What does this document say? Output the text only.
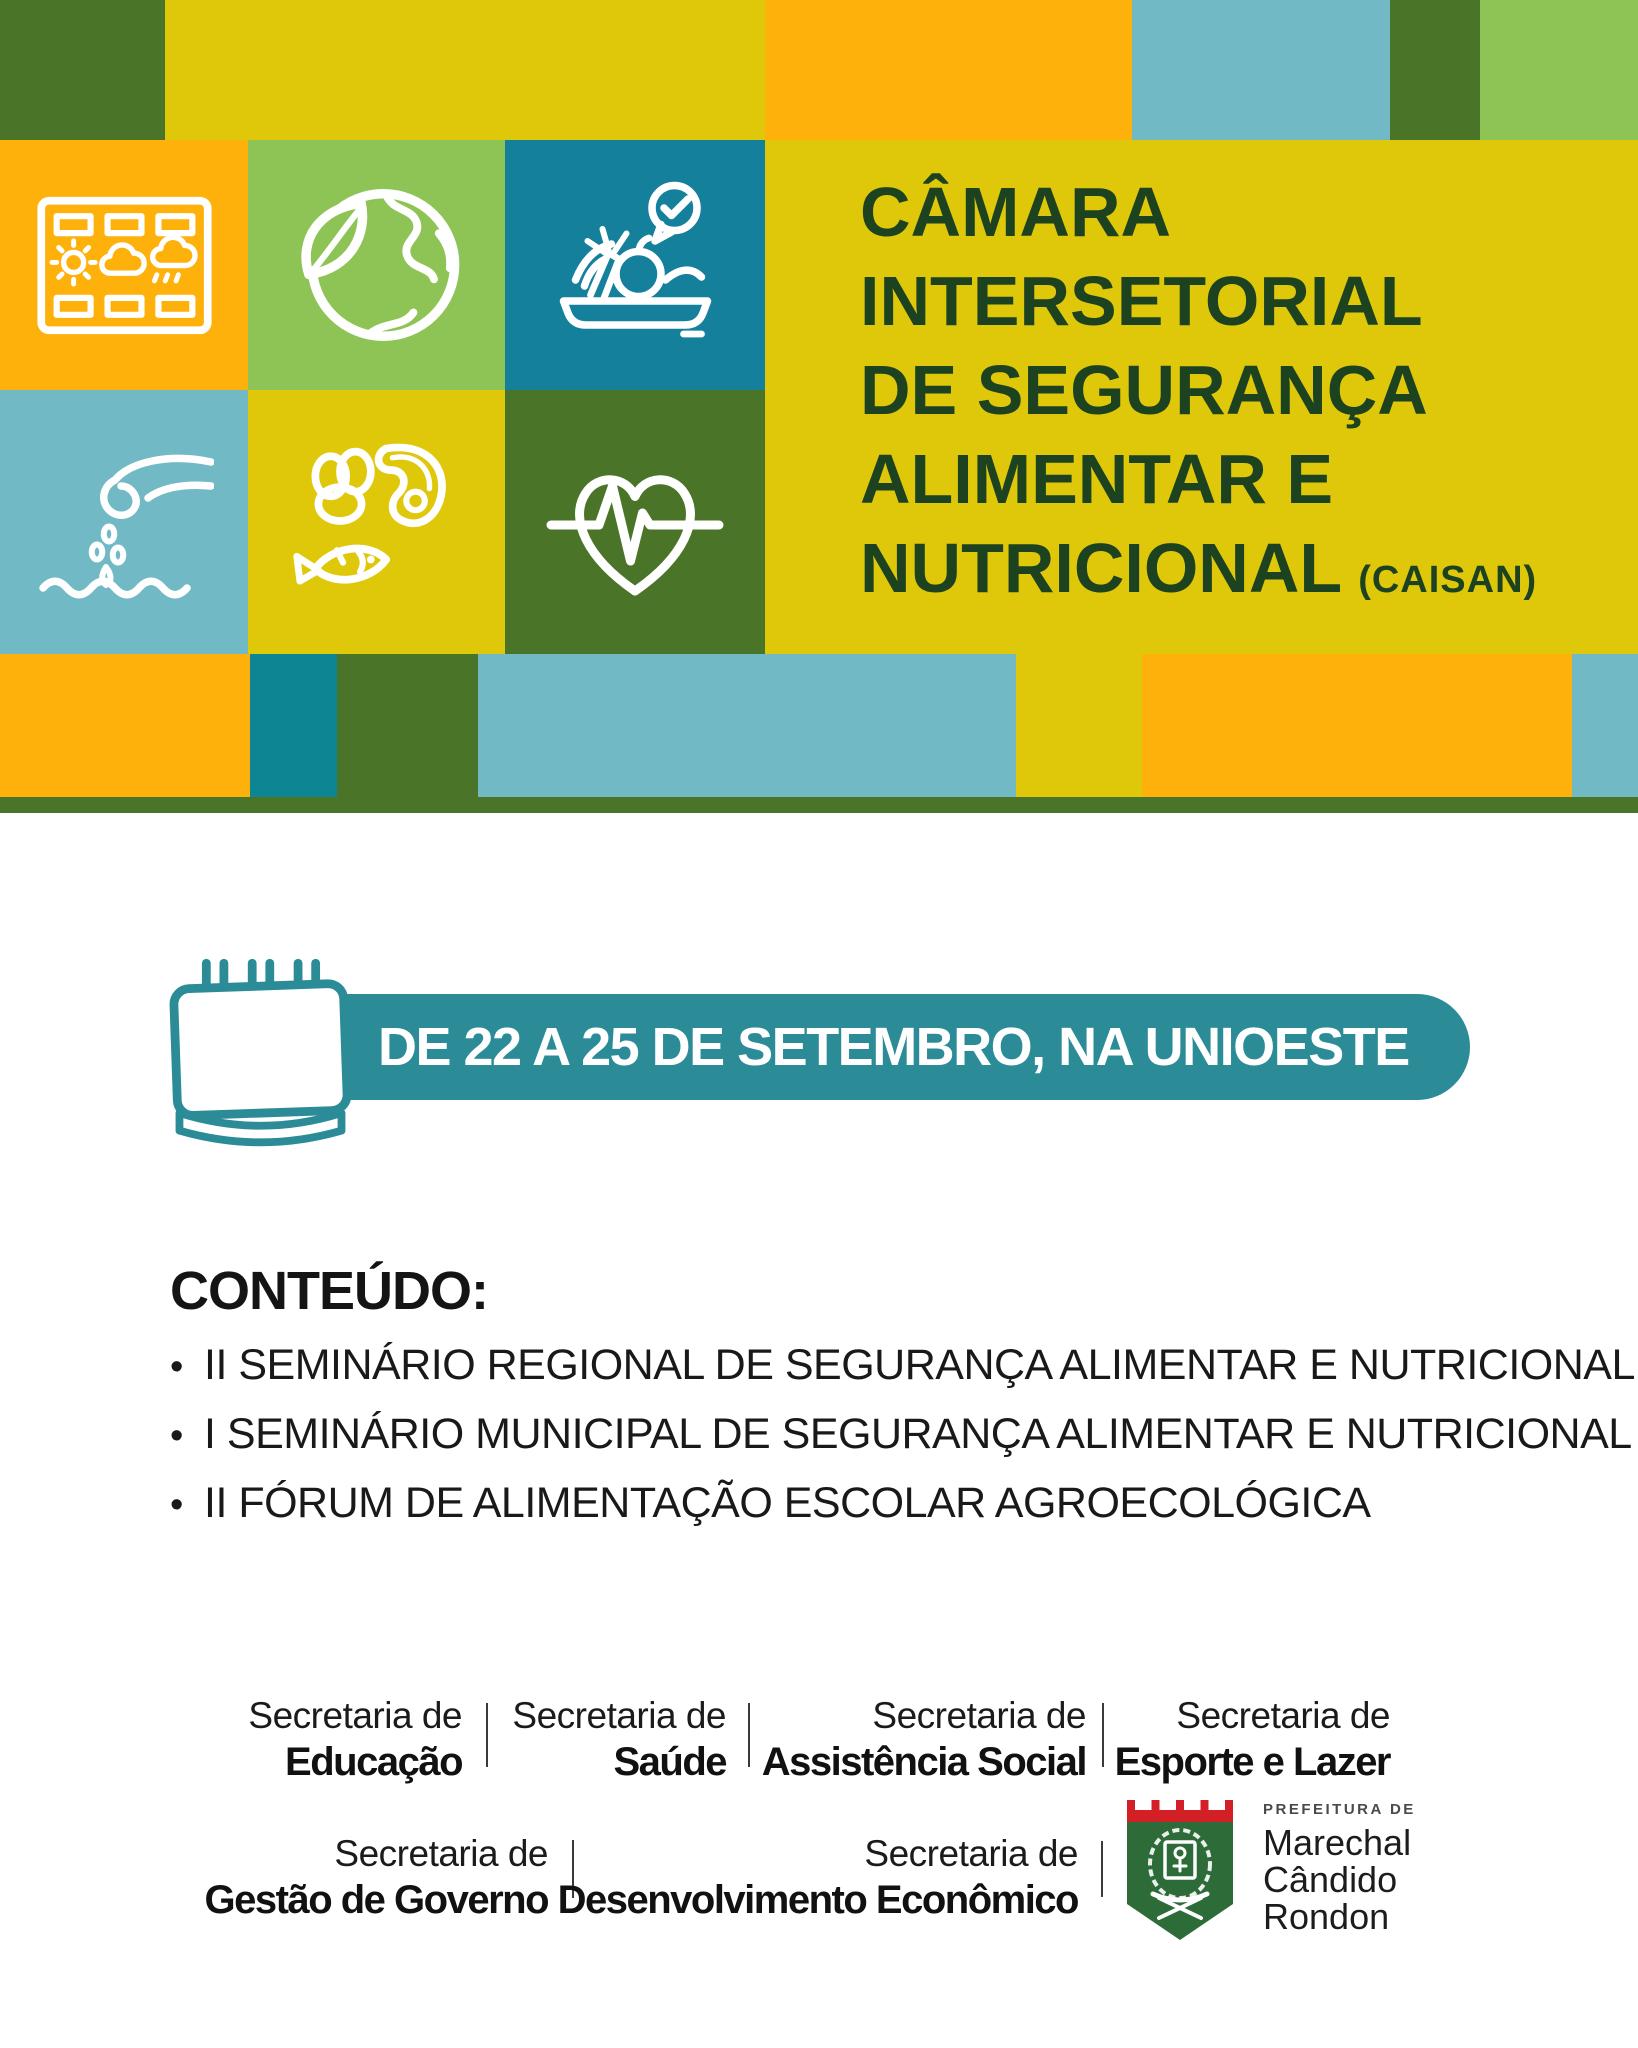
CÂMARA
INTERSETORIAL
DE SEGURANÇA
ALIMENTAR E
NUTRICIONAL (CAISAN)
DE 22 A 25 DE SETEMBRO, NA UNIOESTE
CONTEÚDO:
• II SEMINÁRIO REGIONAL DE SEGURANÇA ALIMENTAR E NUTRICIONAL
• I SEMINÁRIO MUNICIPAL DE SEGURANÇA ALIMENTAR E NUTRICIONAL
• II FÓRUM DE ALIMENTAÇÃO ESCOLAR AGROECOLÓGICA
Secretaria de
Educação
Secretaria de
Saúde
Secretaria de
Assistência Social
Secretaria de
Esporte e Lazer
Secretaria de
Gestão de Governo
Secretaria de
Desenvolvimento Econômico
PREFEITURA DE
Marechal
Cândido
Rondon
